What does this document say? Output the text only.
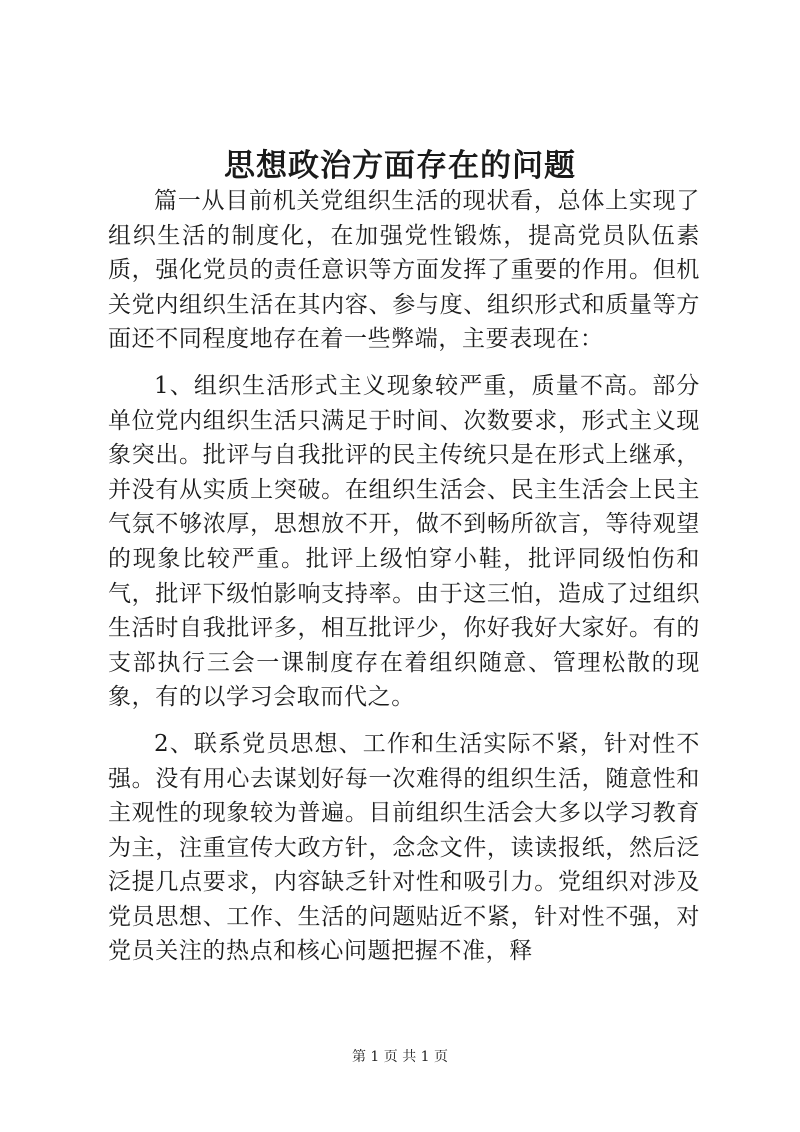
思想政治方面存在的问题

篇一从目前机关党组织生活的现状看，总体上实现了组织生活的制度化，在加强党性锻炼，提高党员队伍素质，强化党员的责任意识等方面发挥了重要的作用。但机关党内组织生活在其内容、参与度、组织形式和质量等方面还不同程度地存在着一些弊端，主要表现在：

1、组织生活形式主义现象较严重，质量不高。部分单位党内组织生活只满足于时间、次数要求，形式主义现象突出。批评与自我批评的民主传统只是在形式上继承，并没有从实质上突破。在组织生活会、民主生活会上民主气氛不够浓厚，思想放不开，做不到畅所欲言，等待观望的现象比较严重。批评上级怕穿小鞋，批评同级怕伤和气，批评下级怕影响支持率。由于这三怕，造成了过组织生活时自我批评多，相互批评少，你好我好大家好。有的支部执行三会一课制度存在着组织随意、管理松散的现象，有的以学习会取而代之。

2、联系党员思想、工作和生活实际不紧，针对性不强。没有用心去谋划好每一次难得的组织生活，随意性和主观性的现象较为普遍。目前组织生活会大多以学习教育为主，注重宣传大政方针，念念文件，读读报纸，然后泛泛提几点要求，内容缺乏针对性和吸引力。党组织对涉及党员思想、工作、生活的问题贴近不紧，针对性不强，对党员关注的热点和核心问题把握不准，释

第 1 页 共 1 页
